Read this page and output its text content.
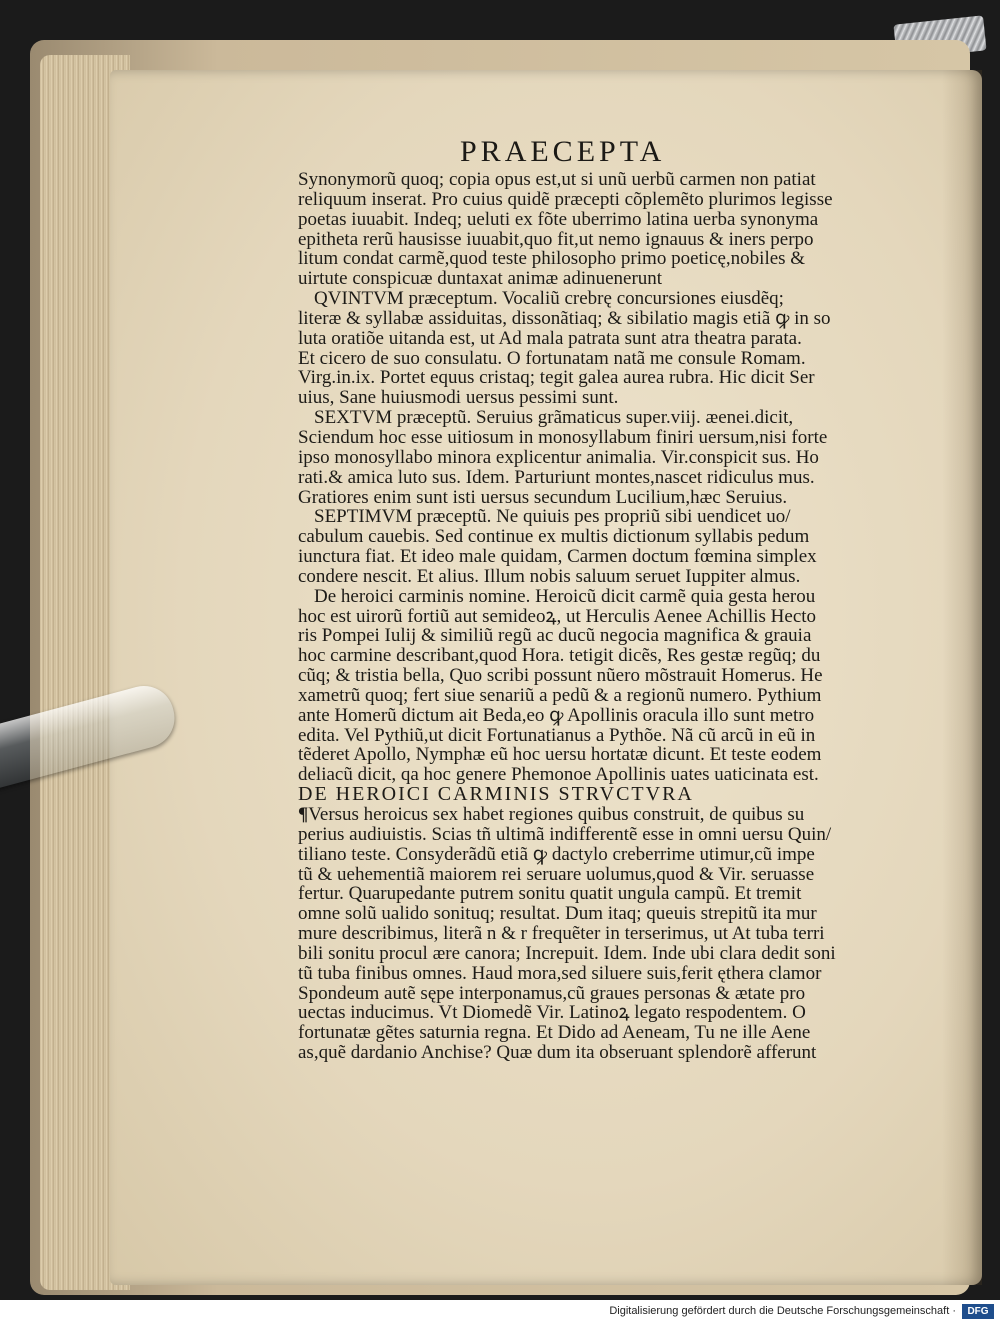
PRAECEPTA
Synonymorũ quoq; copia opus est,ut si unũ uerbũ carmen non patiat
reliquum inserat. Pro cuius quidẽ præcepti cõplemẽto plurimos legisse
poetas iuuabit. Indeq; ueluti ex fõte uberrimo latina uerba synonyma
epitheta rerũ hausisse iuuabit,quo fit,ut nemo ignauus & iners perpo
litum condat carmẽ,quod teste philosopho primo poeticę,nobiles &
uirtute conspicuæ duntaxat animæ adinuenerunt
QVINTVM præceptum. Vocaliũ crebrę concursiones eiusdẽq;
literæ & syllabæ assiduitas, dissonãtiaq; & sibilatio magis etiã ꝙ in so
luta oratiõe uitanda est, ut Ad mala patrata sunt atra theatra parata.
Et cicero de suo consulatu. O fortunatam natã me consule Romam.
Virg.in.ix. Portet equus cristaq; tegit galea aurea rubra. Hic dicit Ser
uius, Sane huiusmodi uersus pessimi sunt.
SEXTVM præceptũ. Seruius grãmaticus super.viij. æenei.dicit,
Sciendum hoc esse uitiosum in monosyllabum finiri uersum,nisi forte
ipso monosyllabo minora explicentur animalia. Vir.conspicit sus. Ho
rati.& amica luto sus. Idem. Parturiunt montes,nascet ridiculus mus.
Gratiores enim sunt isti uersus secundum Lucilium,hæc Seruius.
SEPTIMVM præceptũ. Ne quiuis pes propriũ sibi uendicet uo/
cabulum cauebis. Sed continue ex multis dictionum syllabis pedum
iunctura fiat. Et ideo male quidam, Carmen doctum fœmina simplex
condere nescit. Et alius. Illum nobis saluum seruet Iuppiter almus.
De heroici carminis nomine. Heroicũ dicit carmẽ quia gesta herou
hoc est uirorũ fortiũ aut semideoꝝ, ut Herculis Aenee Achillis Hecto
ris Pompei Iulij & similiũ regũ ac ducũ negocia magnifica & grauia
hoc carmine describant,quod Hora. tetigit dicẽs, Res gestæ regũq; du
cũq; & tristia bella, Quo scribi possunt nũero mõstrauit Homerus. He
xametrũ quoq; fert siue senariũ a pedũ & a regionũ numero. Pythium
ante Homerũ dictum ait Beda,eo ꝙ Apollinis oracula illo sunt metro
edita. Vel Pythiũ,ut dicit Fortunatianus a Pythõe. Nã cũ arcũ in eũ in
tẽderet Apollo, Nymphæ eũ hoc uersu hortatæ dicunt. Et teste eodem
deliacũ dicit, qa hoc genere Phemonoe Apollinis uates uaticinata est.
DE HEROICI CARMINIS STRVCTVRA
¶Versus heroicus sex habet regiones quibus construit, de quibus su
perius audiuistis. Scias tñ ultimã indifferentẽ esse in omni uersu Quin/
tiliano teste. Consyderãdũ etiã ꝙ dactylo creberrime utimur,cũ impe
tũ & uehementiã maiorem rei seruare uolumus,quod & Vir. seruasse
fertur. Quarupedante putrem sonitu quatit ungula campũ. Et tremit
omne solũ ualido sonituq; resultat. Dum itaq; queuis strepitũ ita mur
mure describimus, literã n & r frequẽter in terserimus, ut At tuba terri
bili sonitu procul ære canora; Increpuit. Idem. Inde ubi clara dedit soni
tũ tuba finibus omnes. Haud mora,sed siluere suis,ferit ęthera clamor
Spondeum autẽ sępe interponamus,cũ graues personas & ætate pro
uectas inducimus. Vt Diomedẽ Vir. Latinoꝝ legato respodentem. O
fortunatæ gẽtes saturnia regna. Et Dido ad Aeneam, Tu ne ille Aene
as,quẽ dardanio Anchise? Quæ dum ita obseruant splendorẽ afferunt
Digitalisierung gefördert durch die Deutsche Forschungsgemeinschaft ·	DFG
